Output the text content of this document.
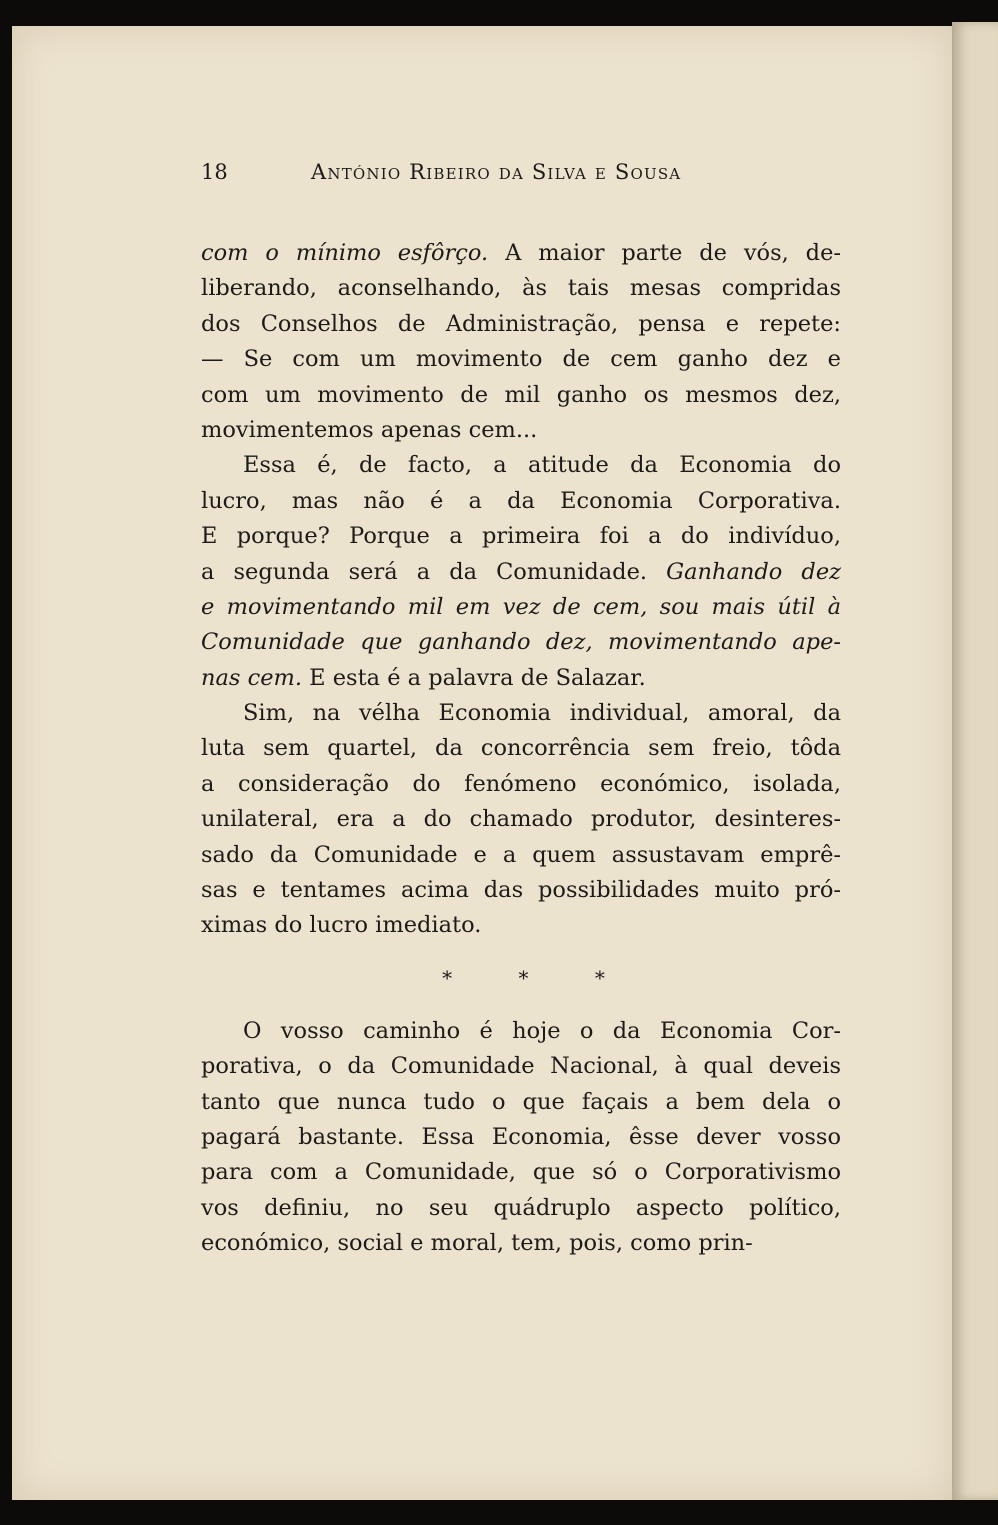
18	António Ribeiro da Silva e Sousa
com o mínimo esfôrço. A maior parte de vós, de-
liberando, aconselhando, às tais mesas compridas
dos Conselhos de Administração, pensa e repete:
— Se com um movimento de cem ganho dez e
com um movimento de mil ganho os mesmos dez,
movimentemos apenas cem...
Essa é, de facto, a atitude da Economia do
lucro, mas não é a da Economia Corporativa.
E porque? Porque a primeira foi a do indivíduo,
a segunda será a da Comunidade. Ganhando dez
e movimentando mil em vez de cem, sou mais útil à
Comunidade que ganhando dez, movimentando ape-
nas cem. E esta é a palavra de Salazar.
Sim, na vélha Economia individual, amoral, da
luta sem quartel, da concorrência sem freio, tôda
a consideração do fenómeno económico, isolada,
unilateral, era a do chamado produtor, desinteres-
sado da Comunidade e a quem assustavam emprê-
sas e tentames acima das possibilidades muito pró-
ximas do lucro imediato.
* * *
O vosso caminho é hoje o da Economia Cor-
porativa, o da Comunidade Nacional, à qual deveis
tanto que nunca tudo o que façais a bem dela o
pagará bastante. Essa Economia, êsse dever vosso
para com a Comunidade, que só o Corporativismo
vos definiu, no seu quádruplo aspecto político,
económico, social e moral, tem, pois, como prin-
